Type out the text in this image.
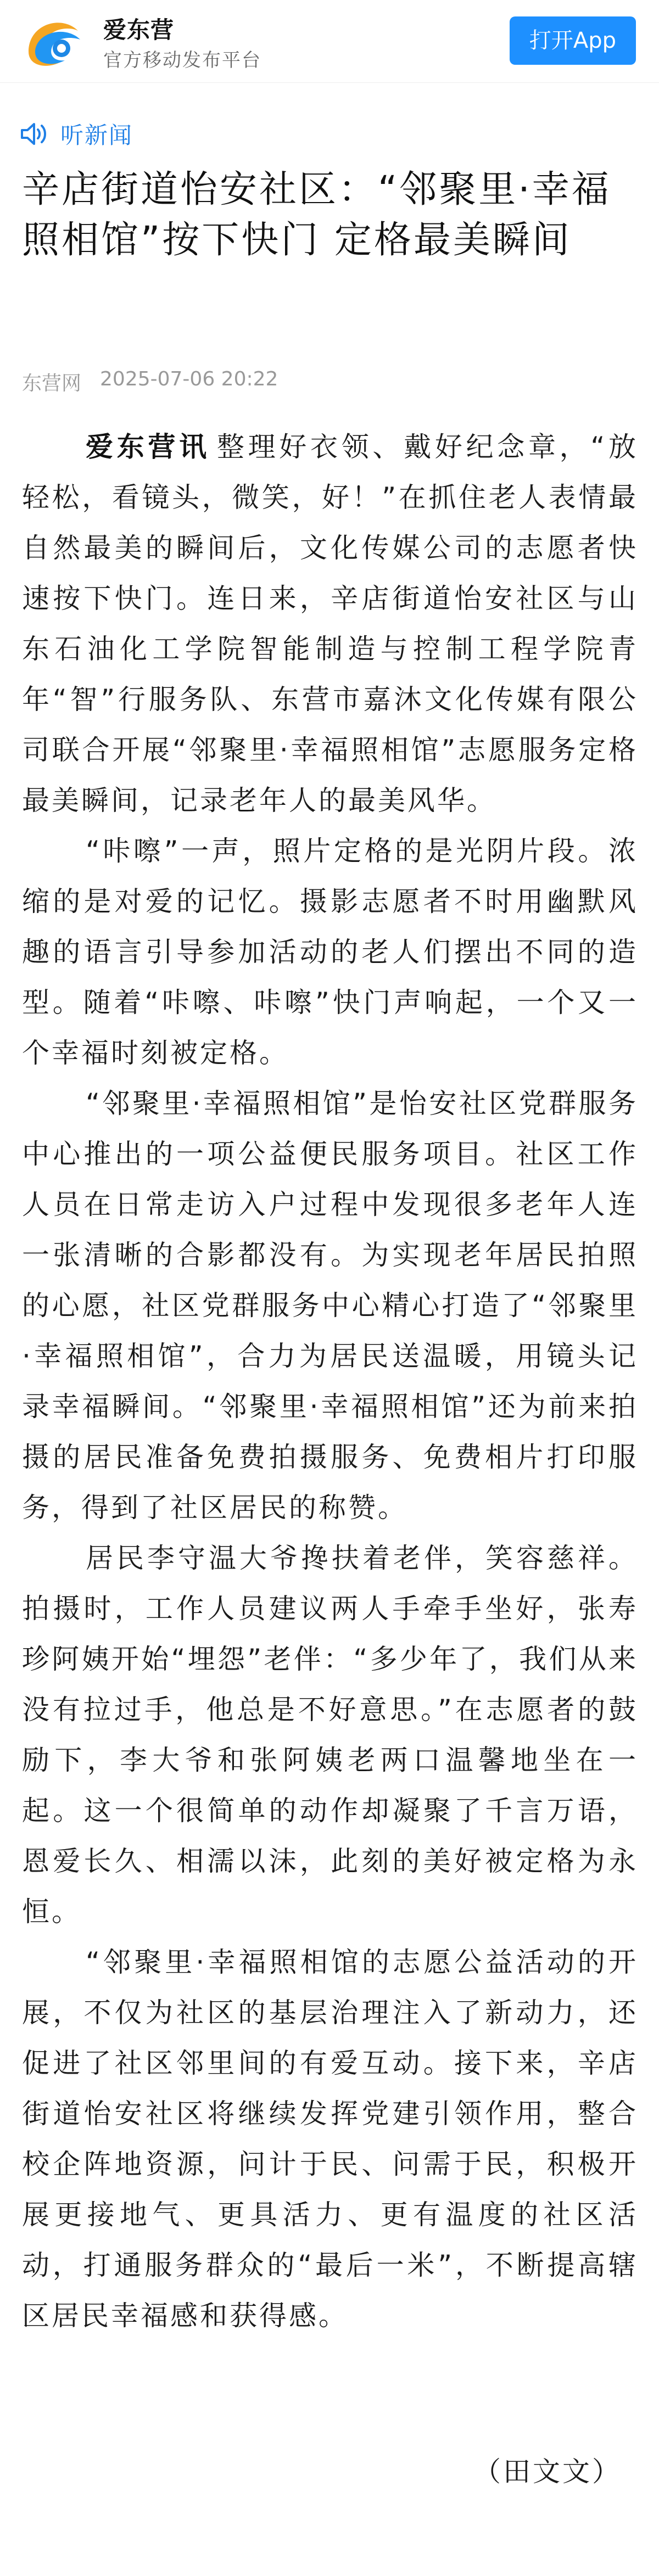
爱东营
官方移动发布平台
打开App
听新闻
辛店街道怡安社区：“邻聚里·幸福照相馆”按下快门 定格最美瞬间
东营网 2025-07-06 20:22

爱东营讯 整理好衣领、戴好纪念章，“放轻松，看镜头，微笑，好！”在抓住老人表情最自然最美的瞬间后，文化传媒公司的志愿者快速按下快门。连日来，辛店街道怡安社区与山东石油化工学院智能制造与控制工程学院青年“智”行服务队、东营市嘉沐文化传媒有限公司联合开展“邻聚里·幸福照相馆”志愿服务定格最美瞬间，记录老年人的最美风华。

“咔嚓”一声，照片定格的是光阴片段。浓缩的是对爱的记忆。摄影志愿者不时用幽默风趣的语言引导参加活动的老人们摆出不同的造型。随着“咔嚓、咔嚓”快门声响起，一个又一个幸福时刻被定格。

“邻聚里·幸福照相馆”是怡安社区党群服务中心推出的一项公益便民服务项目。社区工作人员在日常走访入户过程中发现很多老年人连一张清晰的合影都没有。为实现老年居民拍照的心愿，社区党群服务中心精心打造了“邻聚里·幸福照相馆”，合力为居民送温暖，用镜头记录幸福瞬间。“邻聚里·幸福照相馆”还为前来拍摄的居民准备免费拍摄服务、免费相片打印服务，得到了社区居民的称赞。

居民李守温大爷搀扶着老伴，笑容慈祥。拍摄时，工作人员建议两人手牵手坐好，张寿珍阿姨开始“埋怨”老伴：“多少年了，我们从来没有拉过手，他总是不好意思。”在志愿者的鼓励下，李大爷和张阿姨老两口温馨地坐在一起。这一个很简单的动作却凝聚了千言万语，恩爱长久、相濡以沫，此刻的美好被定格为永恒。

“邻聚里·幸福照相馆的志愿公益活动的开展，不仅为社区的基层治理注入了新动力，还促进了社区邻里间的有爱互动。接下来，辛店街道怡安社区将继续发挥党建引领作用，整合校企阵地资源，问计于民、问需于民，积极开展更接地气、更具活力、更有温度的社区活动，打通服务群众的“最后一米”，不断提高辖区居民幸福感和获得感。

（田文文）
